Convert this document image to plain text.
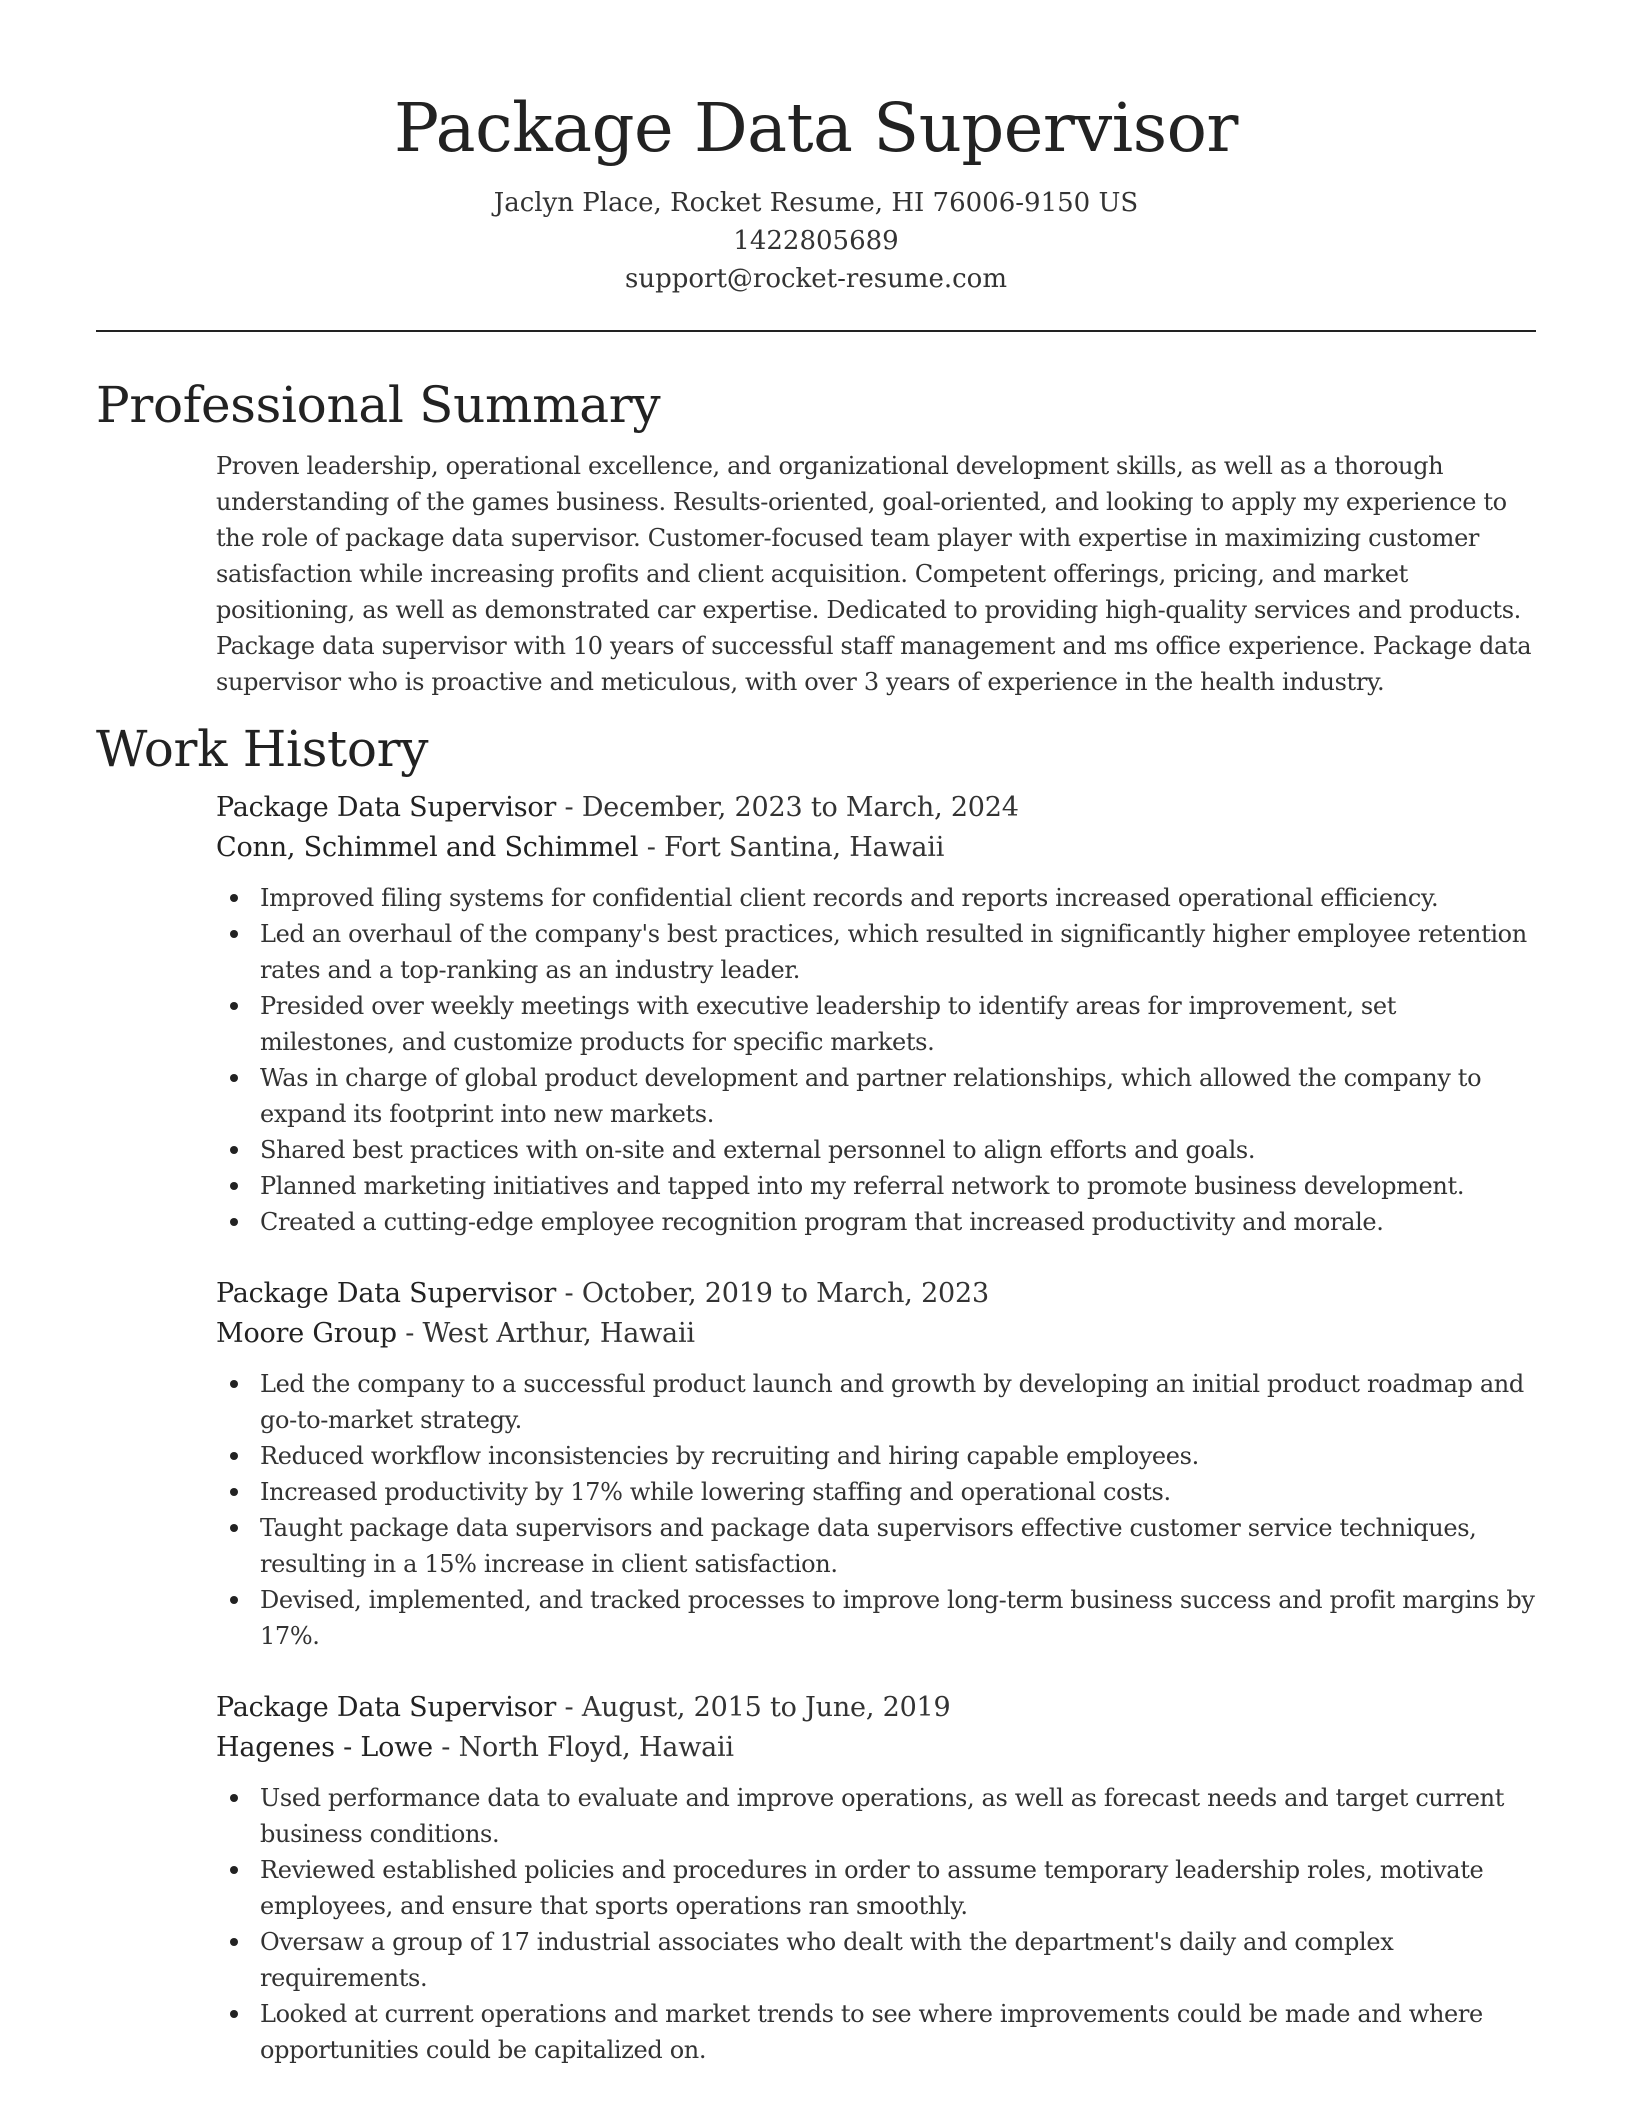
Package Data Supervisor
Jaclyn Place, Rocket Resume, HI 76006-9150 US
1422805689
support@rocket-resume.com
Professional Summary

Proven leadership, operational excellence, and organizational development skills, as well as a thorough understanding of the games business. Results-oriented, goal-oriented, and looking to apply my experience to the role of package data supervisor. Customer-focused team player with expertise in maximizing customer satisfaction while increasing profits and client acquisition. Competent offerings, pricing, and market positioning, as well as demonstrated car expertise. Dedicated to providing high-quality services and products. Package data supervisor with 10 years of successful staff management and ms office experience. Package data supervisor who is proactive and meticulous, with over 3 years of experience in the health industry.

Work History
Package Data Supervisor - December, 2023 to March, 2024
Conn, Schimmel and Schimmel - Fort Santina, Hawaii
Improved filing systems for confidential client records and reports increased operational efficiency.
Led an overhaul of the company's best practices, which resulted in significantly higher employee retention rates and a top-ranking as an industry leader.
Presided over weekly meetings with executive leadership to identify areas for improvement, set milestones, and customize products for specific markets.
Was in charge of global product development and partner relationships, which allowed the company to expand its footprint into new markets.
Shared best practices with on-site and external personnel to align efforts and goals.
Planned marketing initiatives and tapped into my referral network to promote business development.
Created a cutting-edge employee recognition program that increased productivity and morale.
Package Data Supervisor - October, 2019 to March, 2023
Moore Group - West Arthur, Hawaii
Led the company to a successful product launch and growth by developing an initial product roadmap and go-to-market strategy.
Reduced workflow inconsistencies by recruiting and hiring capable employees.
Increased productivity by 17% while lowering staffing and operational costs.
Taught package data supervisors and package data supervisors effective customer service techniques, resulting in a 15% increase in client satisfaction.
Devised, implemented, and tracked processes to improve long-term business success and profit margins by 17%.
Package Data Supervisor - August, 2015 to June, 2019
Hagenes - Lowe - North Floyd, Hawaii
Used performance data to evaluate and improve operations, as well as forecast needs and target current business conditions.
Reviewed established policies and procedures in order to assume temporary leadership roles, motivate employees, and ensure that sports operations ran smoothly.
Oversaw a group of 17 industrial associates who dealt with the department's daily and complex requirements.
Looked at current operations and market trends to see where improvements could be made and where opportunities could be capitalized on.
